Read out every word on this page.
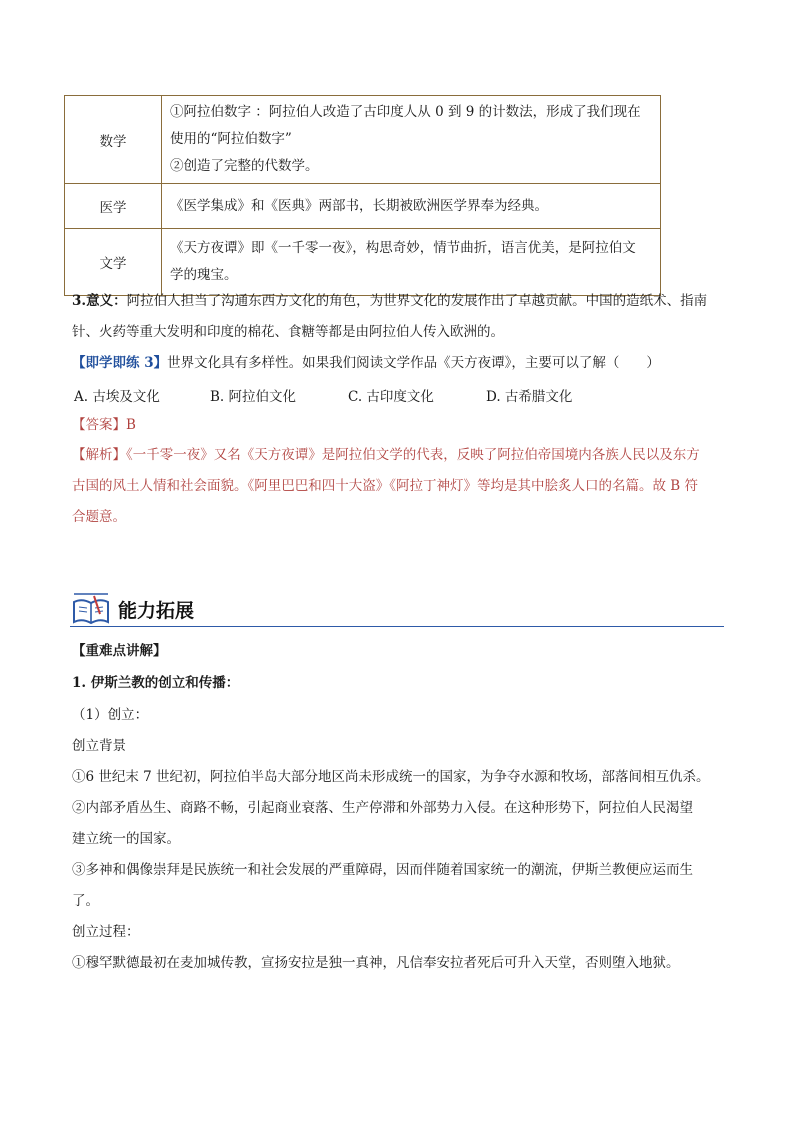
数学	①阿拉伯数字 ：阿拉伯人改造了古印度人从 0 到 9 的计数法，形成了我们现在
使用的“阿拉伯数字”
②创造了完整的代数学。

医学	《医学集成》和《医典》两部书，长期被欧洲医学界奉为经典。

文学	《天方夜谭》即《一千零一夜》，构思奇妙，情节曲折，语言优美，是阿拉伯文
学的瑰宝。
3.意义：阿拉伯人担当了沟通东西方文化的角色，为世界文化的发展作出了卓越贡献。中国的造纸术、指南
针、火药等重大发明和印度的棉花、食糖等都是由阿拉伯人传入欧洲的。
【即学即练 3】世界文化具有多样性。如果我们阅读文学作品《天方夜谭》，主要可以了解（　　）
A. 古埃及文化	B. 阿拉伯文化	C. 古印度文化	D. 古希腊文化
【答案】B
【解析】《一千零一夜》又名《天方夜谭》是阿拉伯文学的代表，反映了阿拉伯帝国境内各族人民以及东方
古国的风土人情和社会面貌。《阿里巴巴和四十大盗》《阿拉丁神灯》等均是其中脍炙人口的名篇。故 B 符
合题意。
能力拓展
【重难点讲解】
1. 伊斯兰教的创立和传播：
（1）创立：
创立背景
①6 世纪末 7 世纪初，阿拉伯半岛大部分地区尚未形成统一的国家，为争夺水源和牧场，部落间相互仇杀。
②内部矛盾丛生、商路不畅，引起商业衰落、生产停滞和外部势力入侵。在这种形势下，阿拉伯人民渴望
建立统一的国家。
③多神和偶像崇拜是民族统一和社会发展的严重障碍，因而伴随着国家统一的潮流，伊斯兰教便应运而生
了。
创立过程：
①穆罕默德最初在麦加城传教，宣扬安拉是独一真神，凡信奉安拉者死后可升入天堂，否则堕入地狱。
